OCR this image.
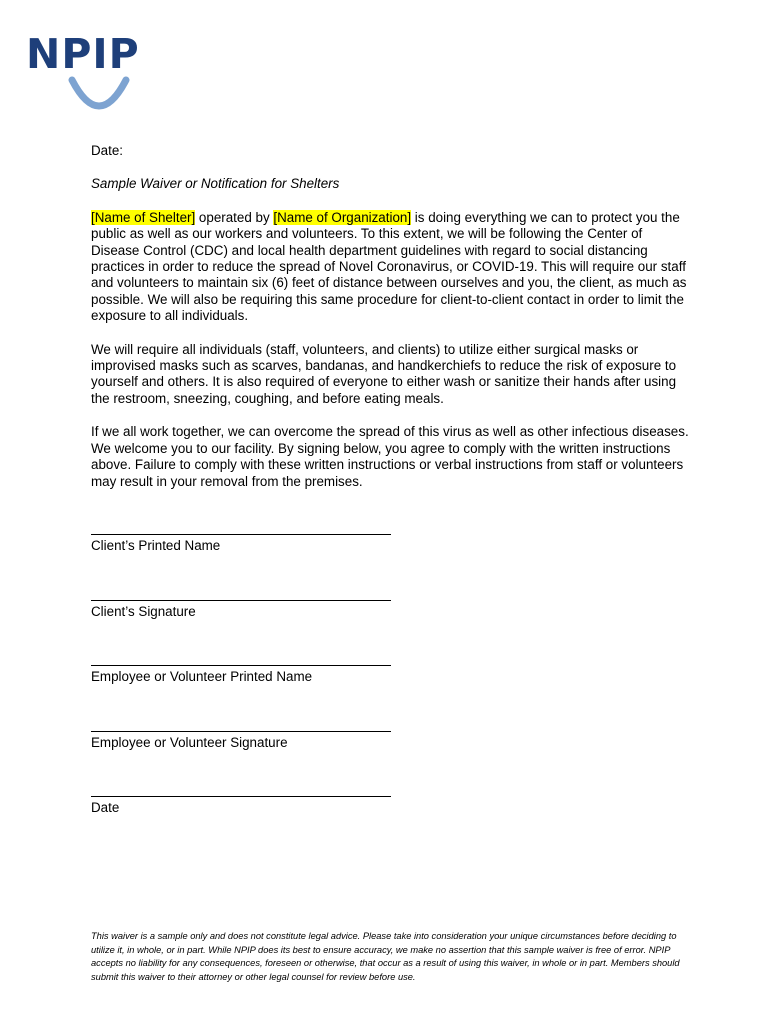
NPIP

Date:

Sample Waiver or Notification for Shelters

[Name of Shelter] operated by [Name of Organization] is doing everything we can to protect you the public as well as our workers and volunteers. To this extent, we will be following the Center of Disease Control (CDC) and local health department guidelines with regard to social distancing practices in order to reduce the spread of Novel Coronavirus, or COVID-19. This will require our staff and volunteers to maintain six (6) feet of distance between ourselves and you, the client, as much as possible. We will also be requiring this same procedure for client-to-client contact in order to limit the exposure to all individuals.

We will require all individuals (staff, volunteers, and clients) to utilize either surgical masks or improvised masks such as scarves, bandanas, and handkerchiefs to reduce the risk of exposure to yourself and others. It is also required of everyone to either wash or sanitize their hands after using the restroom, sneezing, coughing, and before eating meals.

If we all work together, we can overcome the spread of this virus as well as other infectious diseases. We welcome you to our facility. By signing below, you agree to comply with the written instructions above. Failure to comply with these written instructions or verbal instructions from staff or volunteers may result in your removal from the premises.

Client’s Printed Name
Client’s Signature
Employee or Volunteer Printed Name
Employee or Volunteer Signature
Date
This waiver is a sample only and does not constitute legal advice. Please take into consideration your unique circumstances before deciding to utilize it, in whole, or in part. While NPIP does its best to ensure accuracy, we make no assertion that this sample waiver is free of error. NPIP accepts no liability for any consequences, foreseen or otherwise, that occur as a result of using this waiver, in whole or in part. Members should submit this waiver to their attorney or other legal counsel for review before use.
